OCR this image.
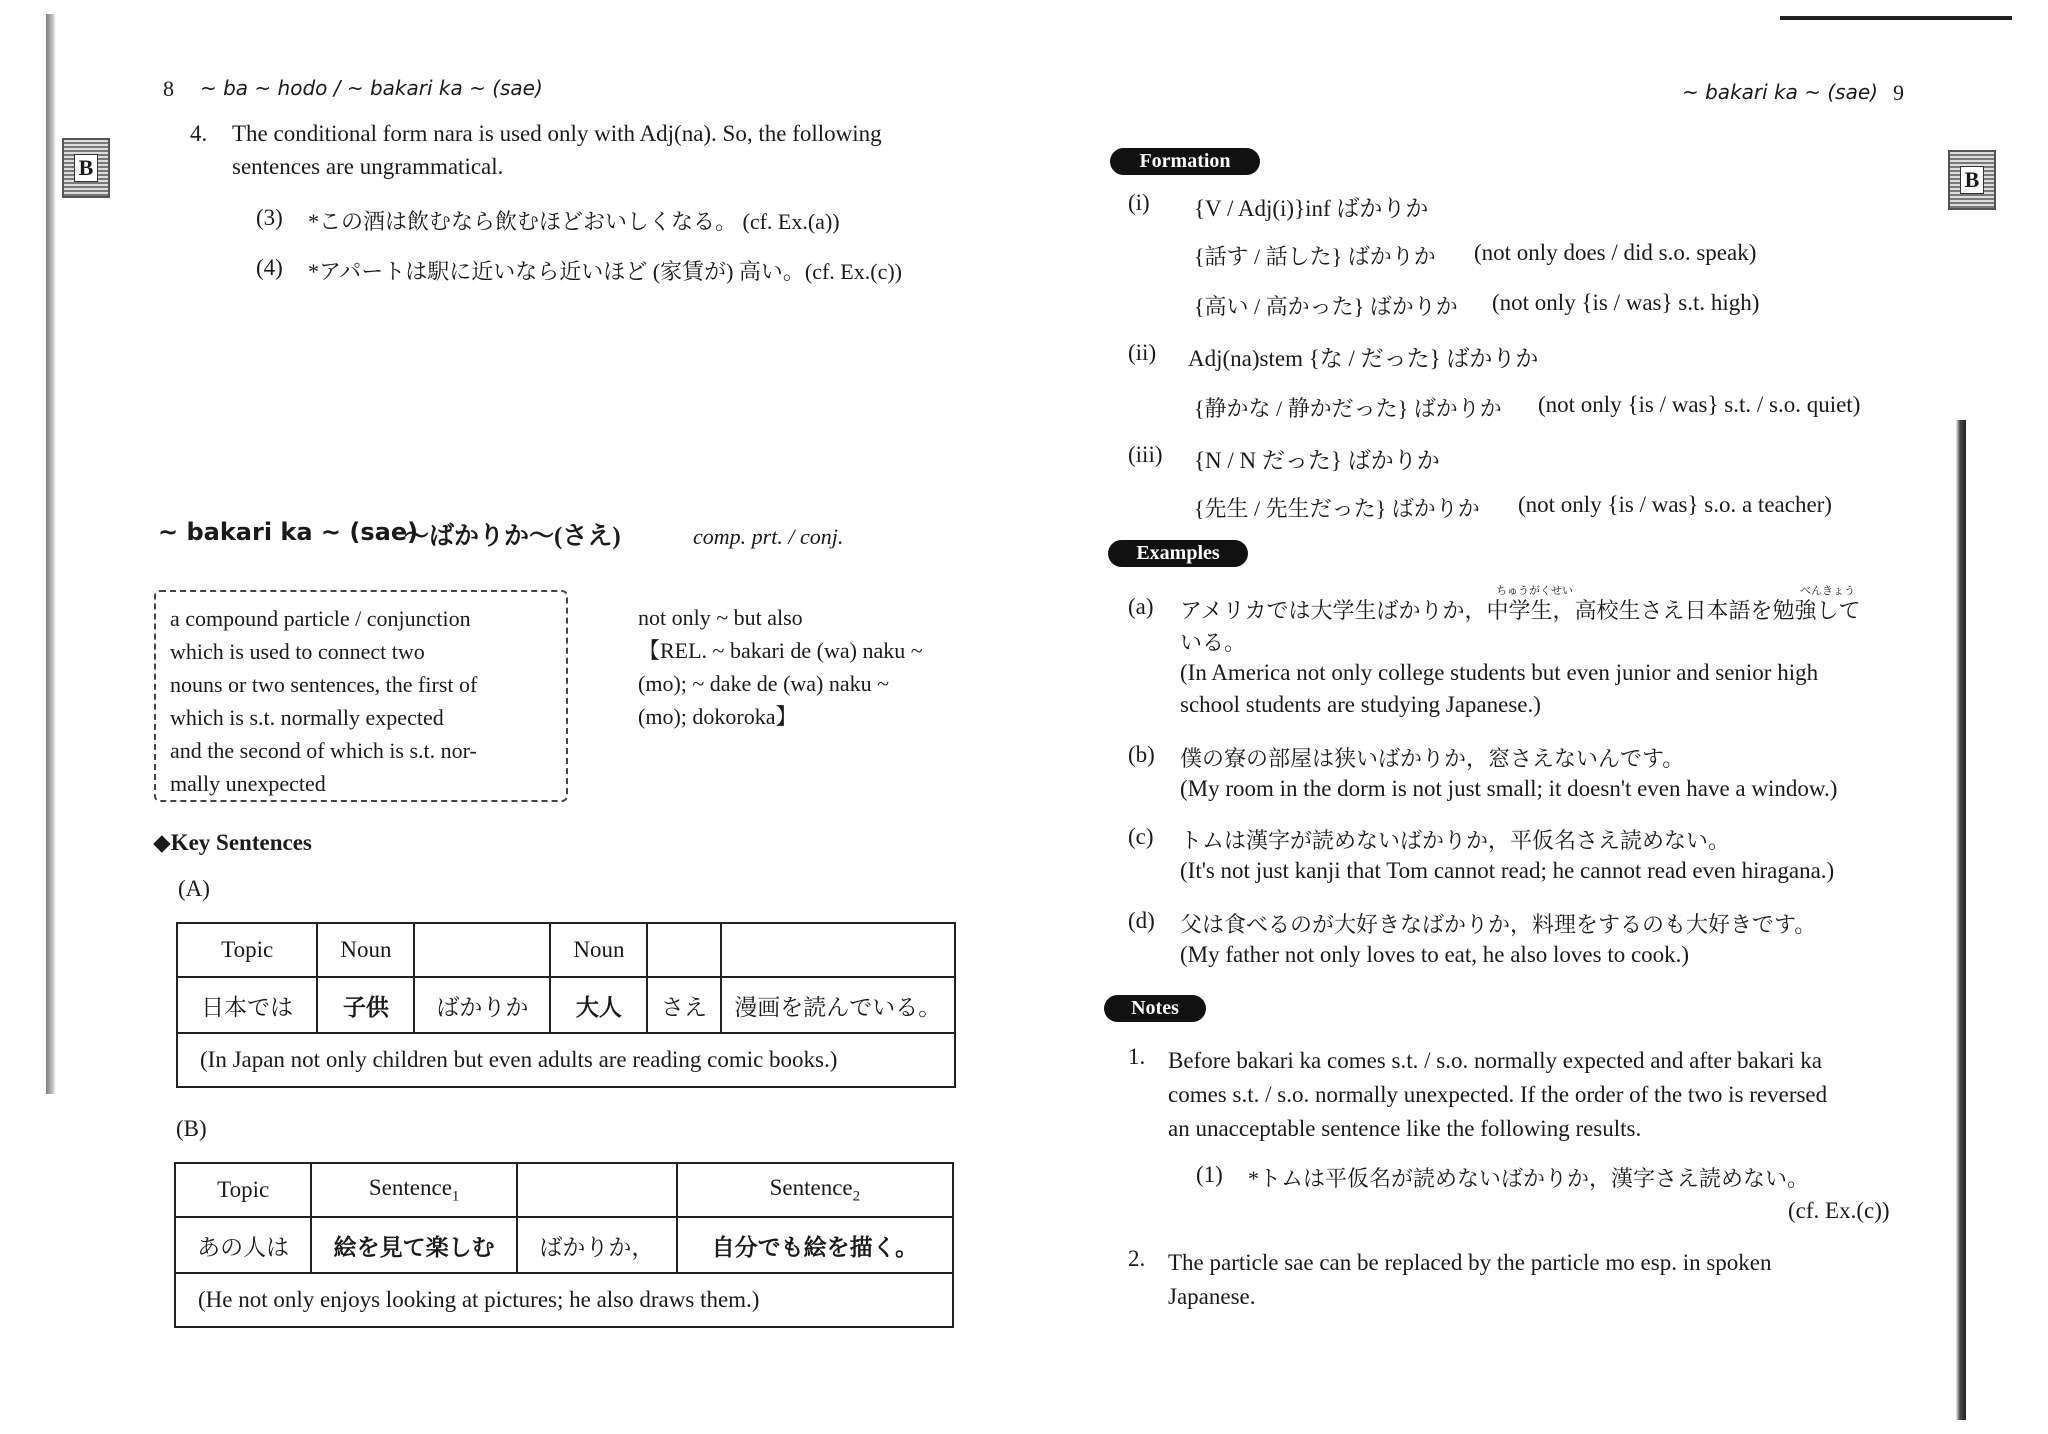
8 ~ ba ~ hodo / ~ bakari ka ~ (sae)
B
4. The conditional form nara is used only with Adj(na). So, the following
sentences are ungrammatical.
(3) *この酒は飲むなら飲むほどおいしくなる。 (cf. Ex.(a))
(4) *アパートは駅に近いなら近いほど (家賃が) 高い。(cf. Ex.(c))
~ bakari ka ~ (sae)
～ばかりか～(さえ)	comp. prt. / conj.
a compound particle / conjunction
which is used to connect two
nouns or two sentences, the first of
which is s.t. normally expected
and the second of which is s.t. nor-
mally unexpected
not only ~ but also
【REL. ~ bakari de (wa) naku ~
(mo); ~ dake de (wa) naku ~
(mo); dokoroka】
◆Key Sentences
(A)
Topic	Noun		Noun		
日本では	子供	ばかりか	大人	さえ	漫画を読んでいる。
(In Japan not only children but even adults are reading comic books.)					
(B)
Topic	Sentence$_1$		Sentence$_2$
あの人は	絵を見て楽しむ	ばかりか，	自分でも絵を描く。
(He not only enjoys looking at pictures; he also draws them.)			
~ bakari ka ~ (sae) 9
B
Formation
(i) {V / Adj(i)}inf ばかりか
{話す / 話した} ばかりか (not only does / did s.o. speak)
{高い / 高かった} ばかりか (not only {is / was} s.t. high)
(ii) Adj(na)stem {な / だった} ばかりか
{静かな / 静かだった} ばかりか (not only {is / was} s.t. / s.o. quiet)
(iii) {N / N だった} ばかりか
{先生 / 先生だった} ばかりか (not only {is / was} s.o. a teacher)
Examples
(a)
ちゅうがくせい	べんきょう
アメリカでは大学生ばかりか，中学生，高校生さえ日本語を勉強して
いる。
(In America not only college students but even junior and senior high
school students are studying Japanese.)
(b) 僕の寮の部屋は狭いばかりか，窓さえないんです。
(My room in the dorm is not just small; it doesn't even have a window.)
(c) トムは漢字が読めないばかりか，平仮名さえ読めない。
(It's not just kanji that Tom cannot read; he cannot read even hiragana.)
(d) 父は食べるのが大好きなばかりか，料理をするのも大好きです。
(My father not only loves to eat, he also loves to cook.)
Notes
1. Before bakari ka comes s.t. / s.o. normally expected and after bakari ka
comes s.t. / s.o. normally unexpected. If the order of the two is reversed
an unacceptable sentence like the following results.
(1) *トムは平仮名が読めないばかりか，漢字さえ読めない。
(cf. Ex.(c))
2. The particle sae can be replaced by the particle mo esp. in spoken
Japanese.
